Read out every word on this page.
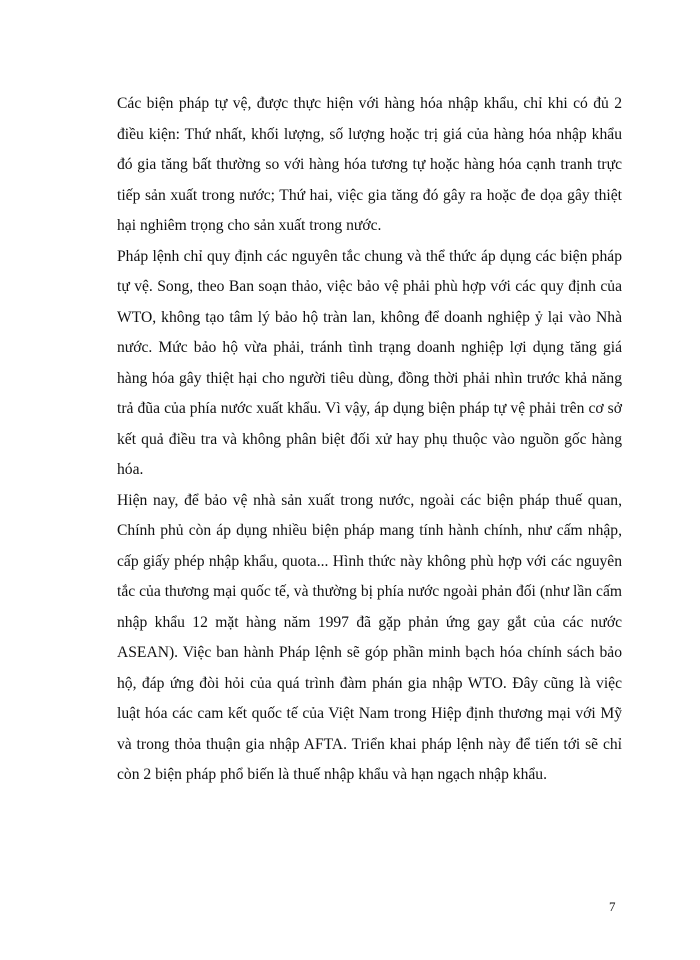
Các biện pháp tự vệ, được thực hiện với hàng hóa nhập khẩu, chỉ khi có đủ 2 điều kiện: Thứ nhất, khối lượng, số lượng hoặc trị giá của hàng hóa nhập khẩu đó gia tăng bất thường so với hàng hóa tương tự hoặc hàng hóa cạnh tranh trực tiếp sản xuất trong nước; Thứ hai, việc gia tăng đó gây ra hoặc đe dọa gây thiệt hại nghiêm trọng cho sản xuất trong nước.

Pháp lệnh chỉ quy định các nguyên tắc chung và thể thức áp dụng các biện pháp tự vệ. Song, theo Ban soạn thảo, việc bảo vệ phải phù hợp với các quy định của WTO, không tạo tâm lý bảo hộ tràn lan, không để doanh nghiệp ỷ lại vào Nhà nước. Mức bảo hộ vừa phải, tránh tình trạng doanh nghiệp lợi dụng tăng giá hàng hóa gây thiệt hại cho người tiêu dùng, đồng thời phải nhìn trước khả năng trả đũa của phía nước xuất khẩu. Vì vậy, áp dụng biện pháp tự vệ phải trên cơ sở kết quả điều tra và không phân biệt đối xử hay phụ thuộc vào nguồn gốc hàng hóa.

Hiện nay, để bảo vệ nhà sản xuất trong nước, ngoài các biện pháp thuế quan, Chính phủ còn áp dụng nhiều biện pháp mang tính hành chính, như cấm nhập, cấp giấy phép nhập khẩu, quota... Hình thức này không phù hợp với các nguyên tắc của thương mại quốc tế, và thường bị phía nước ngoài phản đối (như lần cấm nhập khẩu 12 mặt hàng năm 1997 đã gặp phản ứng gay gắt của các nước ASEAN). Việc ban hành Pháp lệnh sẽ góp phần minh bạch hóa chính sách bảo hộ, đáp ứng đòi hỏi của quá trình đàm phán gia nhập WTO. Đây cũng là việc luật hóa các cam kết quốc tế của Việt Nam trong Hiệp định thương mại với Mỹ và trong thỏa thuận gia nhập AFTA. Triển khai pháp lệnh này để tiến tới sẽ chỉ còn 2 biện pháp phổ biến là thuế nhập khẩu và hạn ngạch nhập khẩu.

7
